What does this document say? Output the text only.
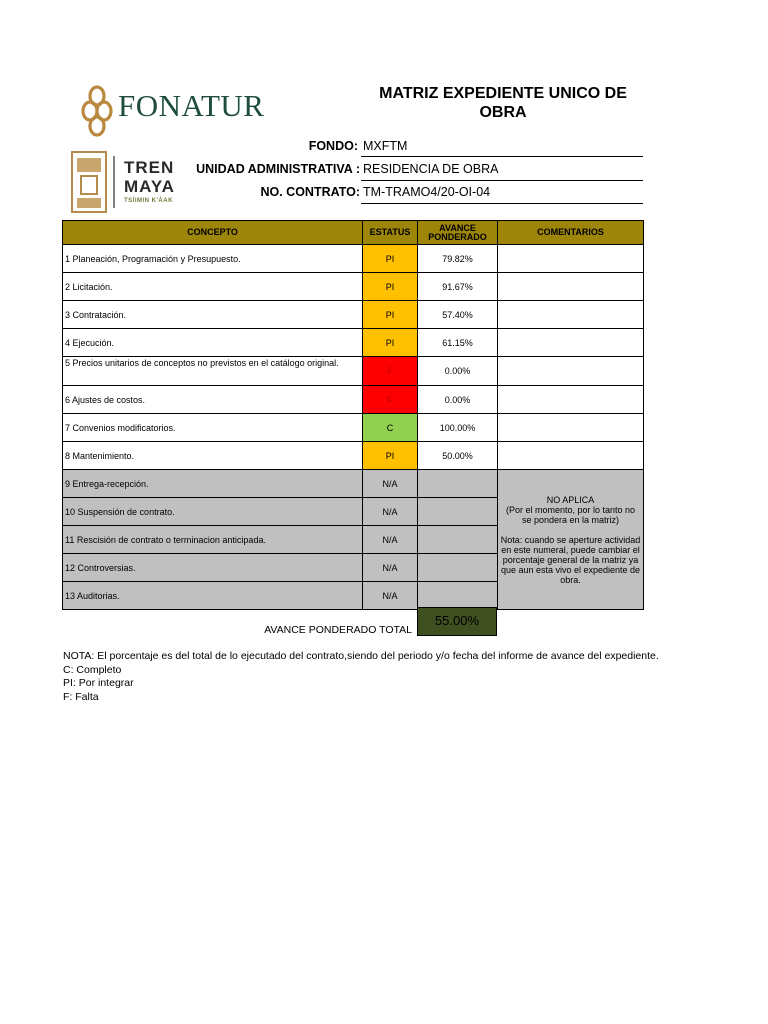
FONATUR
TREN
MAYA
TSÍIMIN K'ÁAK
MATRIZ EXPEDIENTE UNICO DE OBRA
FONDO: MXFTM
UNIDAD ADMINISTRATIVA : RESIDENCIA DE OBRA
NO. CONTRATO: TM-TRAMO4/20-OI-04
CONCEPTO	ESTATUS	AVANCE PONDERADO	COMENTARIOS
1 Planeación, Programación y Presupuesto.	PI	79.82%	
2 Licitación.	PI	91.67%	
3 Contratación.	PI	57.40%	
4 Ejecución.	PI	61.15%	
5 Precios unitarios de conceptos no previstos en el catálogo original.	F	0.00%	
6 Ajustes de costos.	F	0.00%	
7 Convenios modificatorios.	C	100.00%	
8 Mantenimiento.	PI	50.00%	
9 Entrega-recepción.	N/A		NO APLICA
(Por el momento, por lo tanto no se pondera en la matriz)
Nota: cuando se aperture actividad en este numeral, puede cambiar el porcentaje general de la matriz ya que aun esta vivo el expediente de obra.

10 Suspensión de contrato.	N/A		
11 Rescisión de contrato o terminacion anticipada.	N/A		
12 Controversias.	N/A		
13 Auditorias.	N/A		
AVANCE PONDERADO TOTAL
55.00%
NOTA: El porcentaje es del total de lo ejecutado del contrato,siendo del periodo y/o fecha del informe de avance del expediente.
C: Completo
PI: Por integrar
F: Falta
